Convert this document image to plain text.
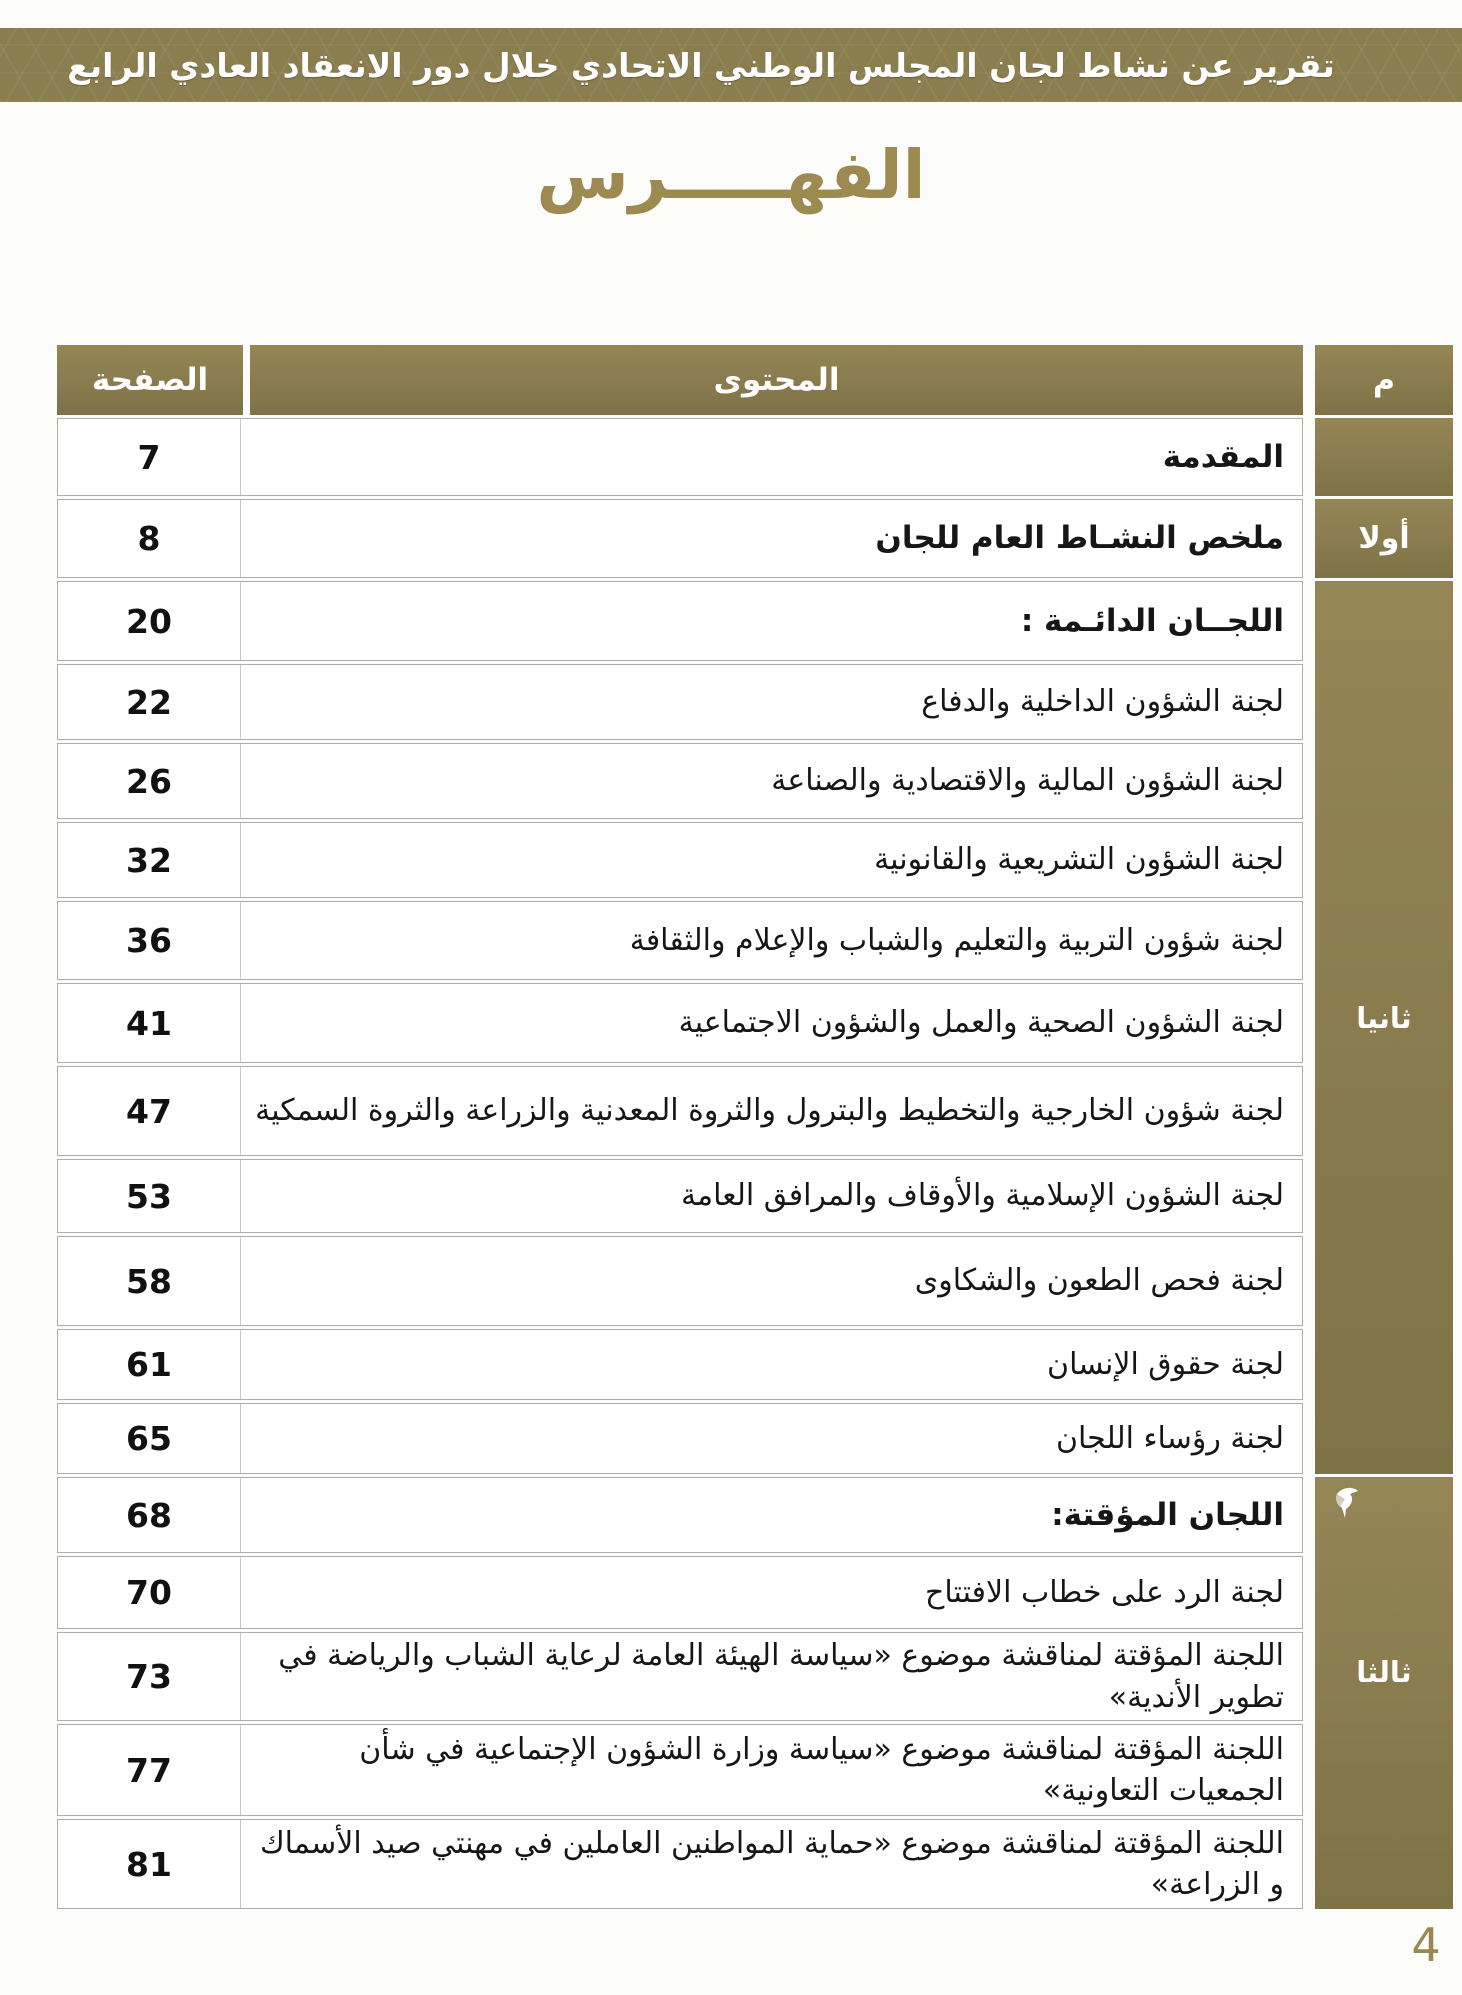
تقرير عن نشاط لجان المجلس الوطني الاتحادي خلال دور الانعقاد العادي الرابع
الفهـــــرس
م
أولا
ثانيا
ثالثا
المحتوى
الصفحة
المقدمة
7
ملخص النشـاط العام للجان
8
اللجــان الدائـمة :
20
لجنة الشؤون الداخلية والدفاع
22
لجنة الشؤون المالية والاقتصادية والصناعة
26
لجنة الشؤون التشريعية والقانونية
32
لجنة شؤون التربية والتعليم والشباب والإعلام والثقافة
36
لجنة الشؤون الصحية والعمل والشؤون الاجتماعية
41
لجنة شؤون الخارجية والتخطيط والبترول والثروة المعدنية والزراعة والثروة السمكية
47
لجنة الشؤون الإسلامية والأوقاف والمرافق العامة
53
لجنة فحص الطعون والشكاوى
58
لجنة حقوق الإنسان
61
لجنة رؤساء اللجان
65
اللجان المؤقتة:
68
لجنة الرد على خطاب الافتتاح
70
اللجنة المؤقتة لمناقشة موضوع «سياسة الهيئة العامة لرعاية الشباب والرياضة في تطوير الأندية»
73
اللجنة المؤقتة لمناقشة موضوع «سياسة وزارة الشؤون الإجتماعية في شأن الجمعيات التعاونية»
77
اللجنة المؤقتة لمناقشة موضوع «حماية المواطنين العاملين في مهنتي صيد الأسماك و الزراعة»
81
4
